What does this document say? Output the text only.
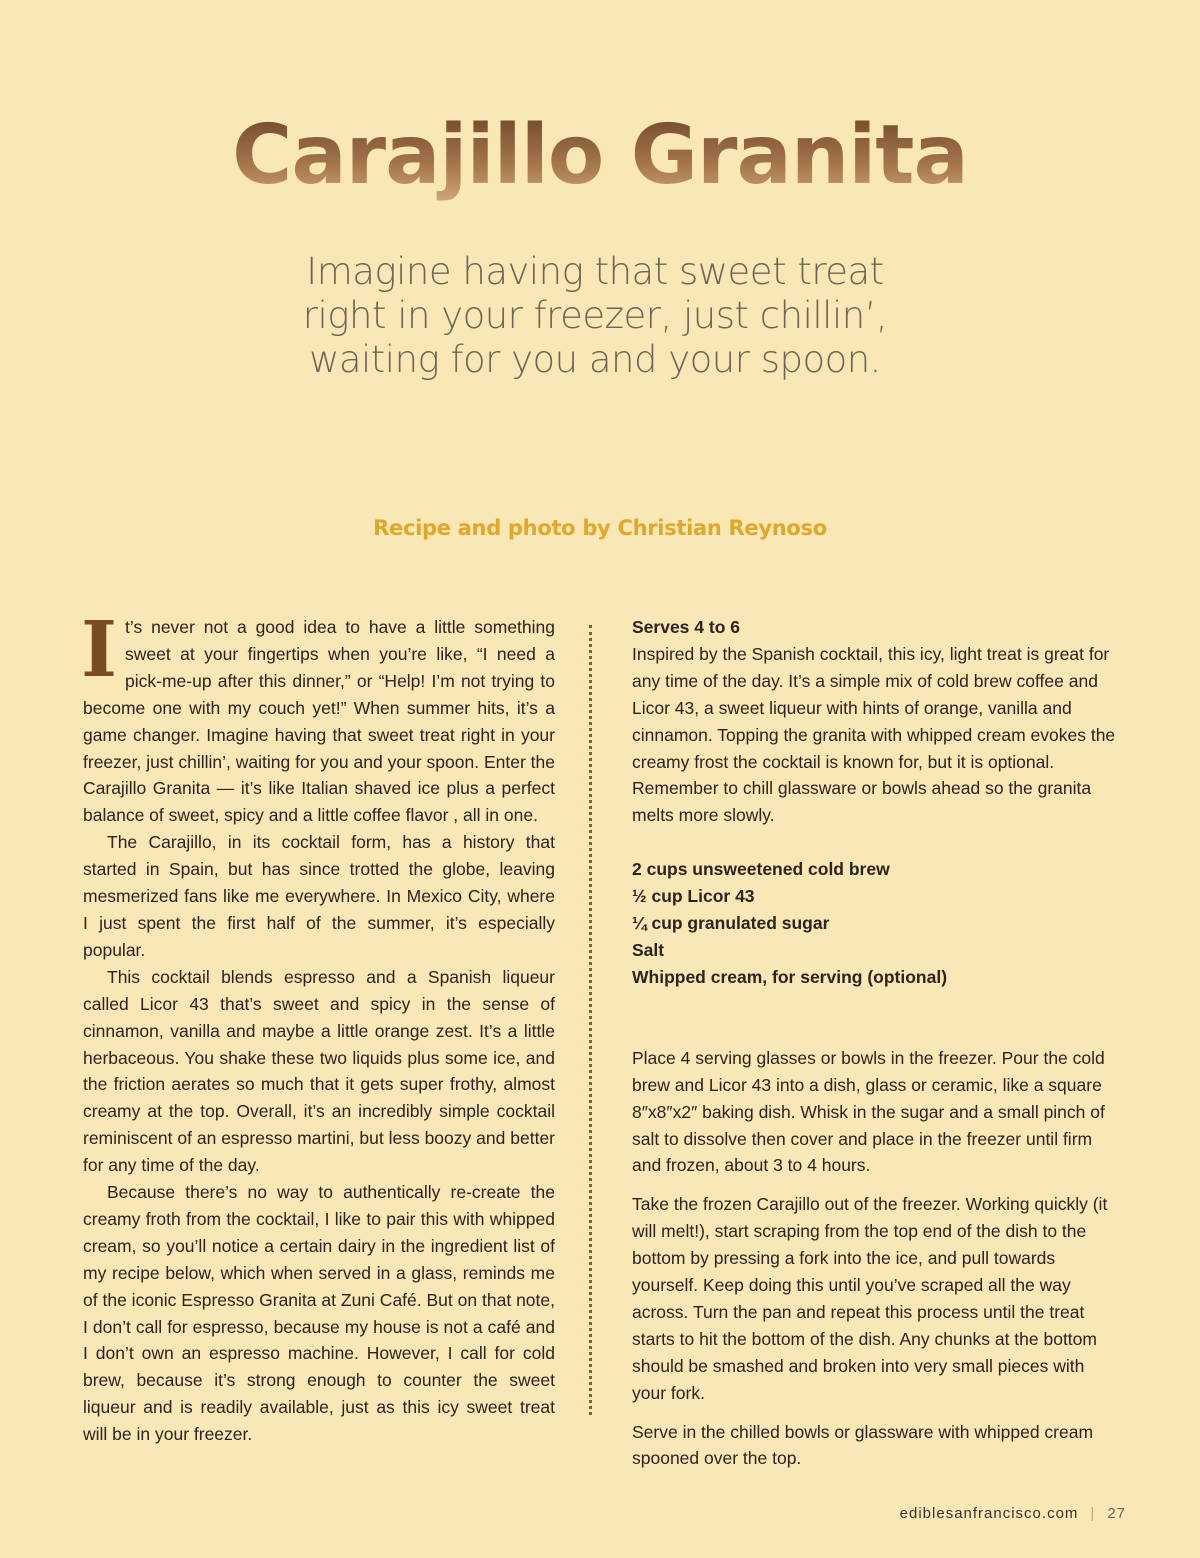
Carajillo Granita
Imagine having that sweet treat right in your freezer, just chillin’, waiting for you and your spoon.
Recipe and photo by Christian Reynoso

It’s never not a good idea to have a little something sweet at your fingertips when you’re like, “I need a pick-me-up after this dinner,” or “Help! I’m not trying to become one with my couch yet!” When summer hits, it’s a game changer. Imagine having that sweet treat right in your freezer, just chillin’, waiting for you and your spoon. Enter the Carajillo Granita — it’s like Italian shaved ice plus a perfect balance of sweet, spicy and a little coffee flavor , all in one.

The Carajillo, in its cocktail form, has a history that started in Spain, but has since trotted the globe, leaving mesmerized fans like me everywhere. In Mexico City, where I just spent the first half of the summer, it’s especially popular.

This cocktail blends espresso and a Spanish liqueur called Licor 43 that’s sweet and spicy in the sense of cinnamon, vanilla and maybe a little orange zest. It’s a little herbaceous. You shake these two liquids plus some ice, and the friction aerates so much that it gets super frothy, almost creamy at the top. Overall, it’s an incredibly simple cocktail reminiscent of an espresso martini, but less boozy and better for any time of the day.

Because there’s no way to authentically re-create the creamy froth from the cocktail, I like to pair this with whipped cream, so you’ll notice a certain dairy in the ingredient list of my recipe below, which when served in a glass, reminds me of the iconic Espresso Granita at Zuni Café. But on that note, I don’t call for espresso, because my house is not a café and I don’t own an espresso machine. However, I call for cold brew, because it’s strong enough to counter the sweet liqueur and is readily available, just as this icy sweet treat will be in your freezer.

Serves 4 to 6

Inspired by the Spanish cocktail, this icy, light treat is great for any time of the day. It’s a simple mix of cold brew coffee and Licor 43, a sweet liqueur with hints of orange, vanilla and cinnamon. Topping the granita with whipped cream evokes the creamy frost the cocktail is known for, but it is optional. Remember to chill glassware or bowls ahead so the granita melts more slowly.

2 cups unsweetened cold brew

½ cup Licor 43

¼ cup granulated sugar

Salt

Whipped cream, for serving (optional)

Place 4 serving glasses or bowls in the freezer. Pour the cold brew and Licor 43 into a dish, glass or ceramic, like a square 8″x8″x2″ baking dish. Whisk in the sugar and a small pinch of salt to dissolve then cover and place in the freezer until firm and frozen, about 3 to 4 hours.

Take the frozen Carajillo out of the freezer. Working quickly (it will melt!), start scraping from the top end of the dish to the bottom by pressing a fork into the ice, and pull towards yourself. Keep doing this until you’ve scraped all the way across. Turn the pan and repeat this process until the treat starts to hit the bottom of the dish. Any chunks at the bottom should be smashed and broken into very small pieces with your fork.

Serve in the chilled bowls or glassware with whipped cream spooned over the top.

ediblesanfrancisco.com | 27
